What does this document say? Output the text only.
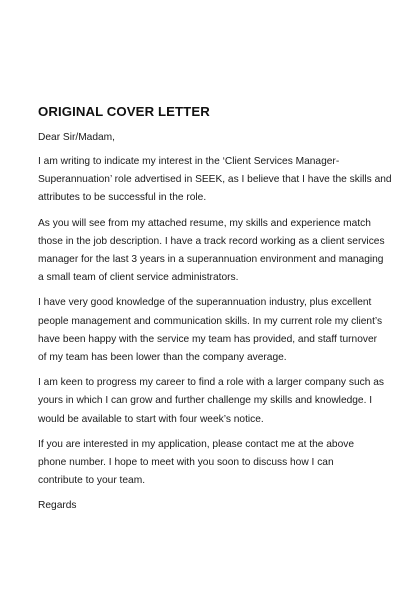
ORIGINAL COVER LETTER
Dear Sir/Madam,
I am writing to indicate my interest in the ‘Client Services Manager-
Superannuation’ role advertised in SEEK, as I believe that I have the skills and
attributes to be successful in the role.
As you will see from my attached resume, my skills and experience match
those in the job description. I have a track record working as a client services
manager for the last 3 years in a superannuation environment and managing
a small team of client service administrators.
I have very good knowledge of the superannuation industry, plus excellent
people management and communication skills. In my current role my client’s
have been happy with the service my team has provided, and staff turnover
of my team has been lower than the company average.
I am keen to progress my career to find a role with a larger company such as
yours in which I can grow and further challenge my skills and knowledge. I
would be available to start with four week’s notice.
If you are interested in my application, please contact me at the above
phone number. I hope to meet with you soon to discuss how I can
contribute to your team.
Regards
